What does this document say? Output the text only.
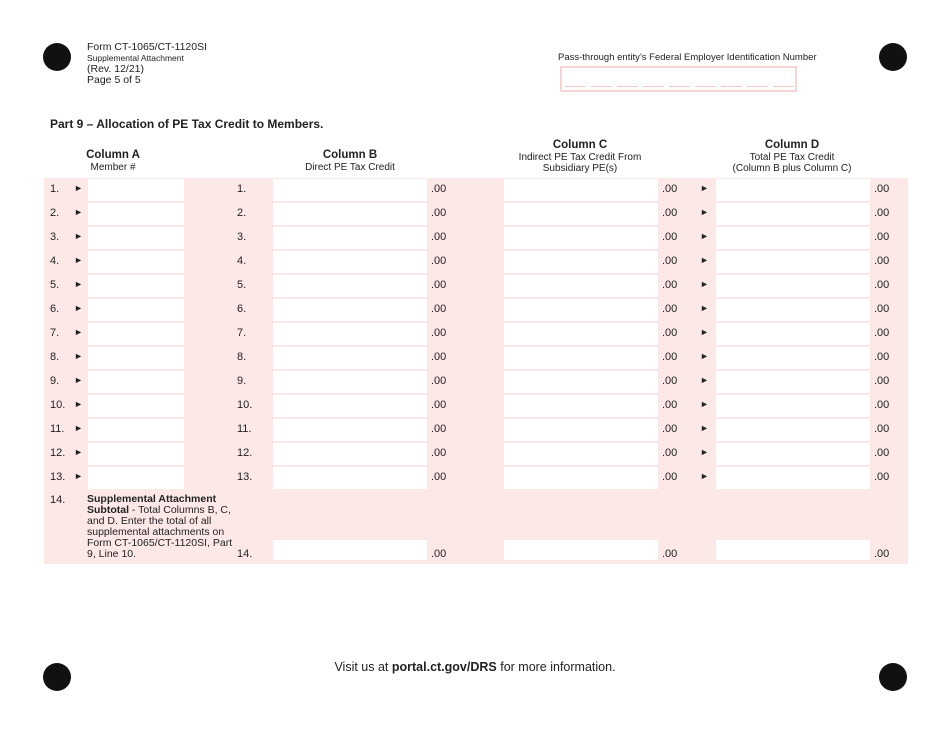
Form CT-1065/CT-1120SI
Supplemental Attachment
(Rev. 12/21)
Page 5 of 5
Pass-through entity’s Federal Employer Identification Number
Part 9 – Allocation of PE Tax Credit to Members.
Column A
Member #
Column B
Direct PE Tax Credit
Column C
Indirect PE Tax Credit From
Subsidiary PE(s)
Column D
Total PE Tax Credit
(Column B plus Column C)
1. ►	1.	.00	.00	►	.00
2. ►	2.	.00	.00	►	.00
3. ►	3.	.00	.00	►	.00
4. ►	4.	.00	.00	►	.00
5. ►	5.	.00	.00	►	.00
6. ►	6.	.00	.00	►	.00
7. ►	7.	.00	.00	►	.00
8. ►	8.	.00	.00	►	.00
9. ►	9.	.00	.00	►	.00
10. ►	10.	.00	.00	►	.00
11. ►	11.	.00	.00	►	.00
12. ►	12.	.00	.00	►	.00
13. ►	13.	.00	.00	►	.00
14. Supplemental Attachment Subtotal - Total Columns B, C, and D. Enter the total of all supplemental attachments on Form CT-1065/CT-1120SI, Part 9, Line 10.	14.	.00	.00	.00
Visit us at portal.ct.gov/DRS for more information.
